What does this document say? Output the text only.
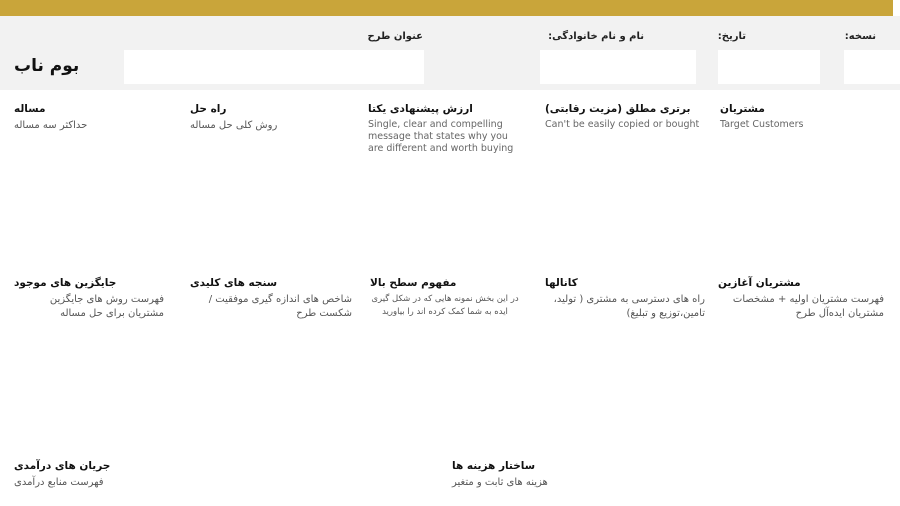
نسخه:
تاریخ:
نام و نام خانوادگی:
عنوان طرح
بوم ناب
مشتریان
Target Customers
برتری مطلق (مزیت رقابتی)
Can't be easily copied or bought
ارزش پیشنهادی یکتا
Single, clear and compelling message that states why you are different and worth buying
راه حل
روش کلی حل مساله
مساله
حداکثر سه مساله
مشتریان آغازین
فهرست مشتریان اولیه + مشخصات مشتریان ایده‌آل طرح
کانالها
راه های دسترسی به مشتری ( تولید، تامین،توزیع و تبلیغ)
مفهوم سطح بالا
در این بخش نمونه هایی که در شکل گیری ایده به شما کمک کرده اند را بیاورید
سنجه های کلیدی
شاخص های اندازه گیری موفقیت / شکست طرح
جایگزین های موجود
فهرست روش های جایگزین مشتریان برای حل مساله
ساختار هزینه ها
هزینه های ثابت و متغیر
جریان های درآمدی
فهرست منابع درآمدی
